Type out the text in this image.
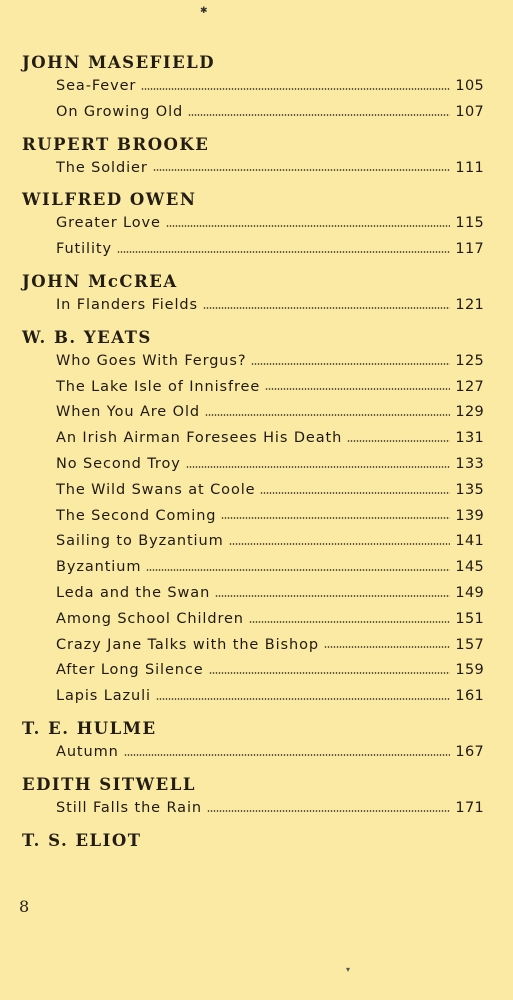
✱
JOHN MASEFIELD
Sea-Fever	105
On Growing Old	107
RUPERT BROOKE
The Soldier	111
WILFRED OWEN
Greater Love	115
Futility	117
JOHN McCREA
In Flanders Fields	121
W. B. YEATS
Who Goes With Fergus?	125
The Lake Isle of Innisfree	127
When You Are Old	129
An Irish Airman Foresees His Death	131
No Second Troy	133
The Wild Swans at Coole	135
The Second Coming	139
Sailing to Byzantium	141
Byzantium	145
Leda and the Swan	149
Among School Children	151
Crazy Jane Talks with the Bishop	157
After Long Silence	159
Lapis Lazuli	161
T. E. HULME
Autumn	167
EDITH SITWELL
Still Falls the Rain	171
T. S. ELIOT
8
▾
